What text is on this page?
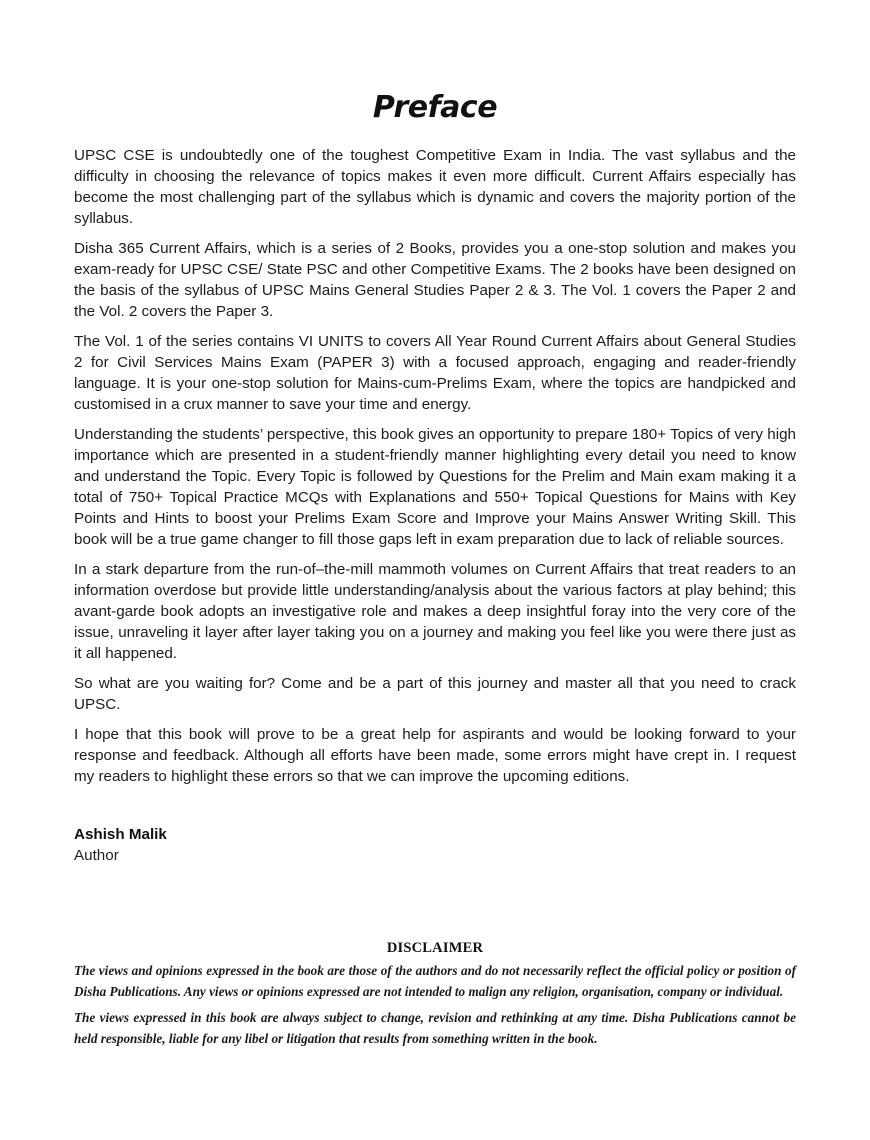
Preface

UPSC CSE is undoubtedly one of the toughest Competitive Exam in India. The vast syllabus and the difficulty in choosing the relevance of topics makes it even more difficult. Current Affairs especially has become the most challenging part of the syllabus which is dynamic and covers the majority portion of the syllabus.

Disha 365 Current Affairs, which is a series of 2 Books, provides you a one-stop solution and makes you exam-ready for UPSC CSE/ State PSC and other Competitive Exams. The 2 books have been designed on the basis of the syllabus of UPSC Mains General Studies Paper 2 & 3. The Vol. 1 covers the Paper 2 and the Vol. 2 covers the Paper 3.

The Vol. 1 of the series contains VI UNITS to covers All Year Round Current Affairs about General Studies 2 for Civil Services Mains Exam (PAPER 3) with a focused approach, engaging and reader-friendly language. It is your one-stop solution for Mains-cum-Prelims Exam, where the topics are handpicked and customised in a crux manner to save your time and energy.

Understanding the students’ perspective, this book gives an opportunity to prepare 180+ Topics of very high importance which are presented in a student-friendly manner highlighting every detail you need to know and understand the Topic. Every Topic is followed by Questions for the Prelim and Main exam making it a total of 750+ Topical Practice MCQs with Explanations and 550+ Topical Questions for Mains with Key Points and Hints to boost your Prelims Exam Score and Improve your Mains Answer Writing Skill. This book will be a true game changer to fill those gaps left in exam preparation due to lack of reliable sources.

In a stark departure from the run-of–the-mill mammoth volumes on Current Affairs that treat readers to an information overdose but provide little understanding/analysis about the various factors at play behind; this avant-garde book adopts an investigative role and makes a deep insightful foray into the very core of the issue, unraveling it layer after layer taking you on a journey and making you feel like you were there just as it all happened.

So what are you waiting for? Come and be a part of this journey and master all that you need to crack UPSC.

I hope that this book will prove to be a great help for aspirants and would be looking forward to your response and feedback. Although all efforts have been made, some errors might have crept in. I request my readers to highlight these errors so that we can improve the upcoming editions.

Ashish Malik
Author
DISCLAIMER

The views and opinions expressed in the book are those of the authors and do not necessarily reflect the official policy or position of Disha Publications. Any views or opinions expressed are not intended to malign any religion, organisation, company or individual.

The views expressed in this book are always subject to change, revision and rethinking at any time. Disha Publications cannot be held responsible, liable for any libel or litigation that results from something written in the book.
